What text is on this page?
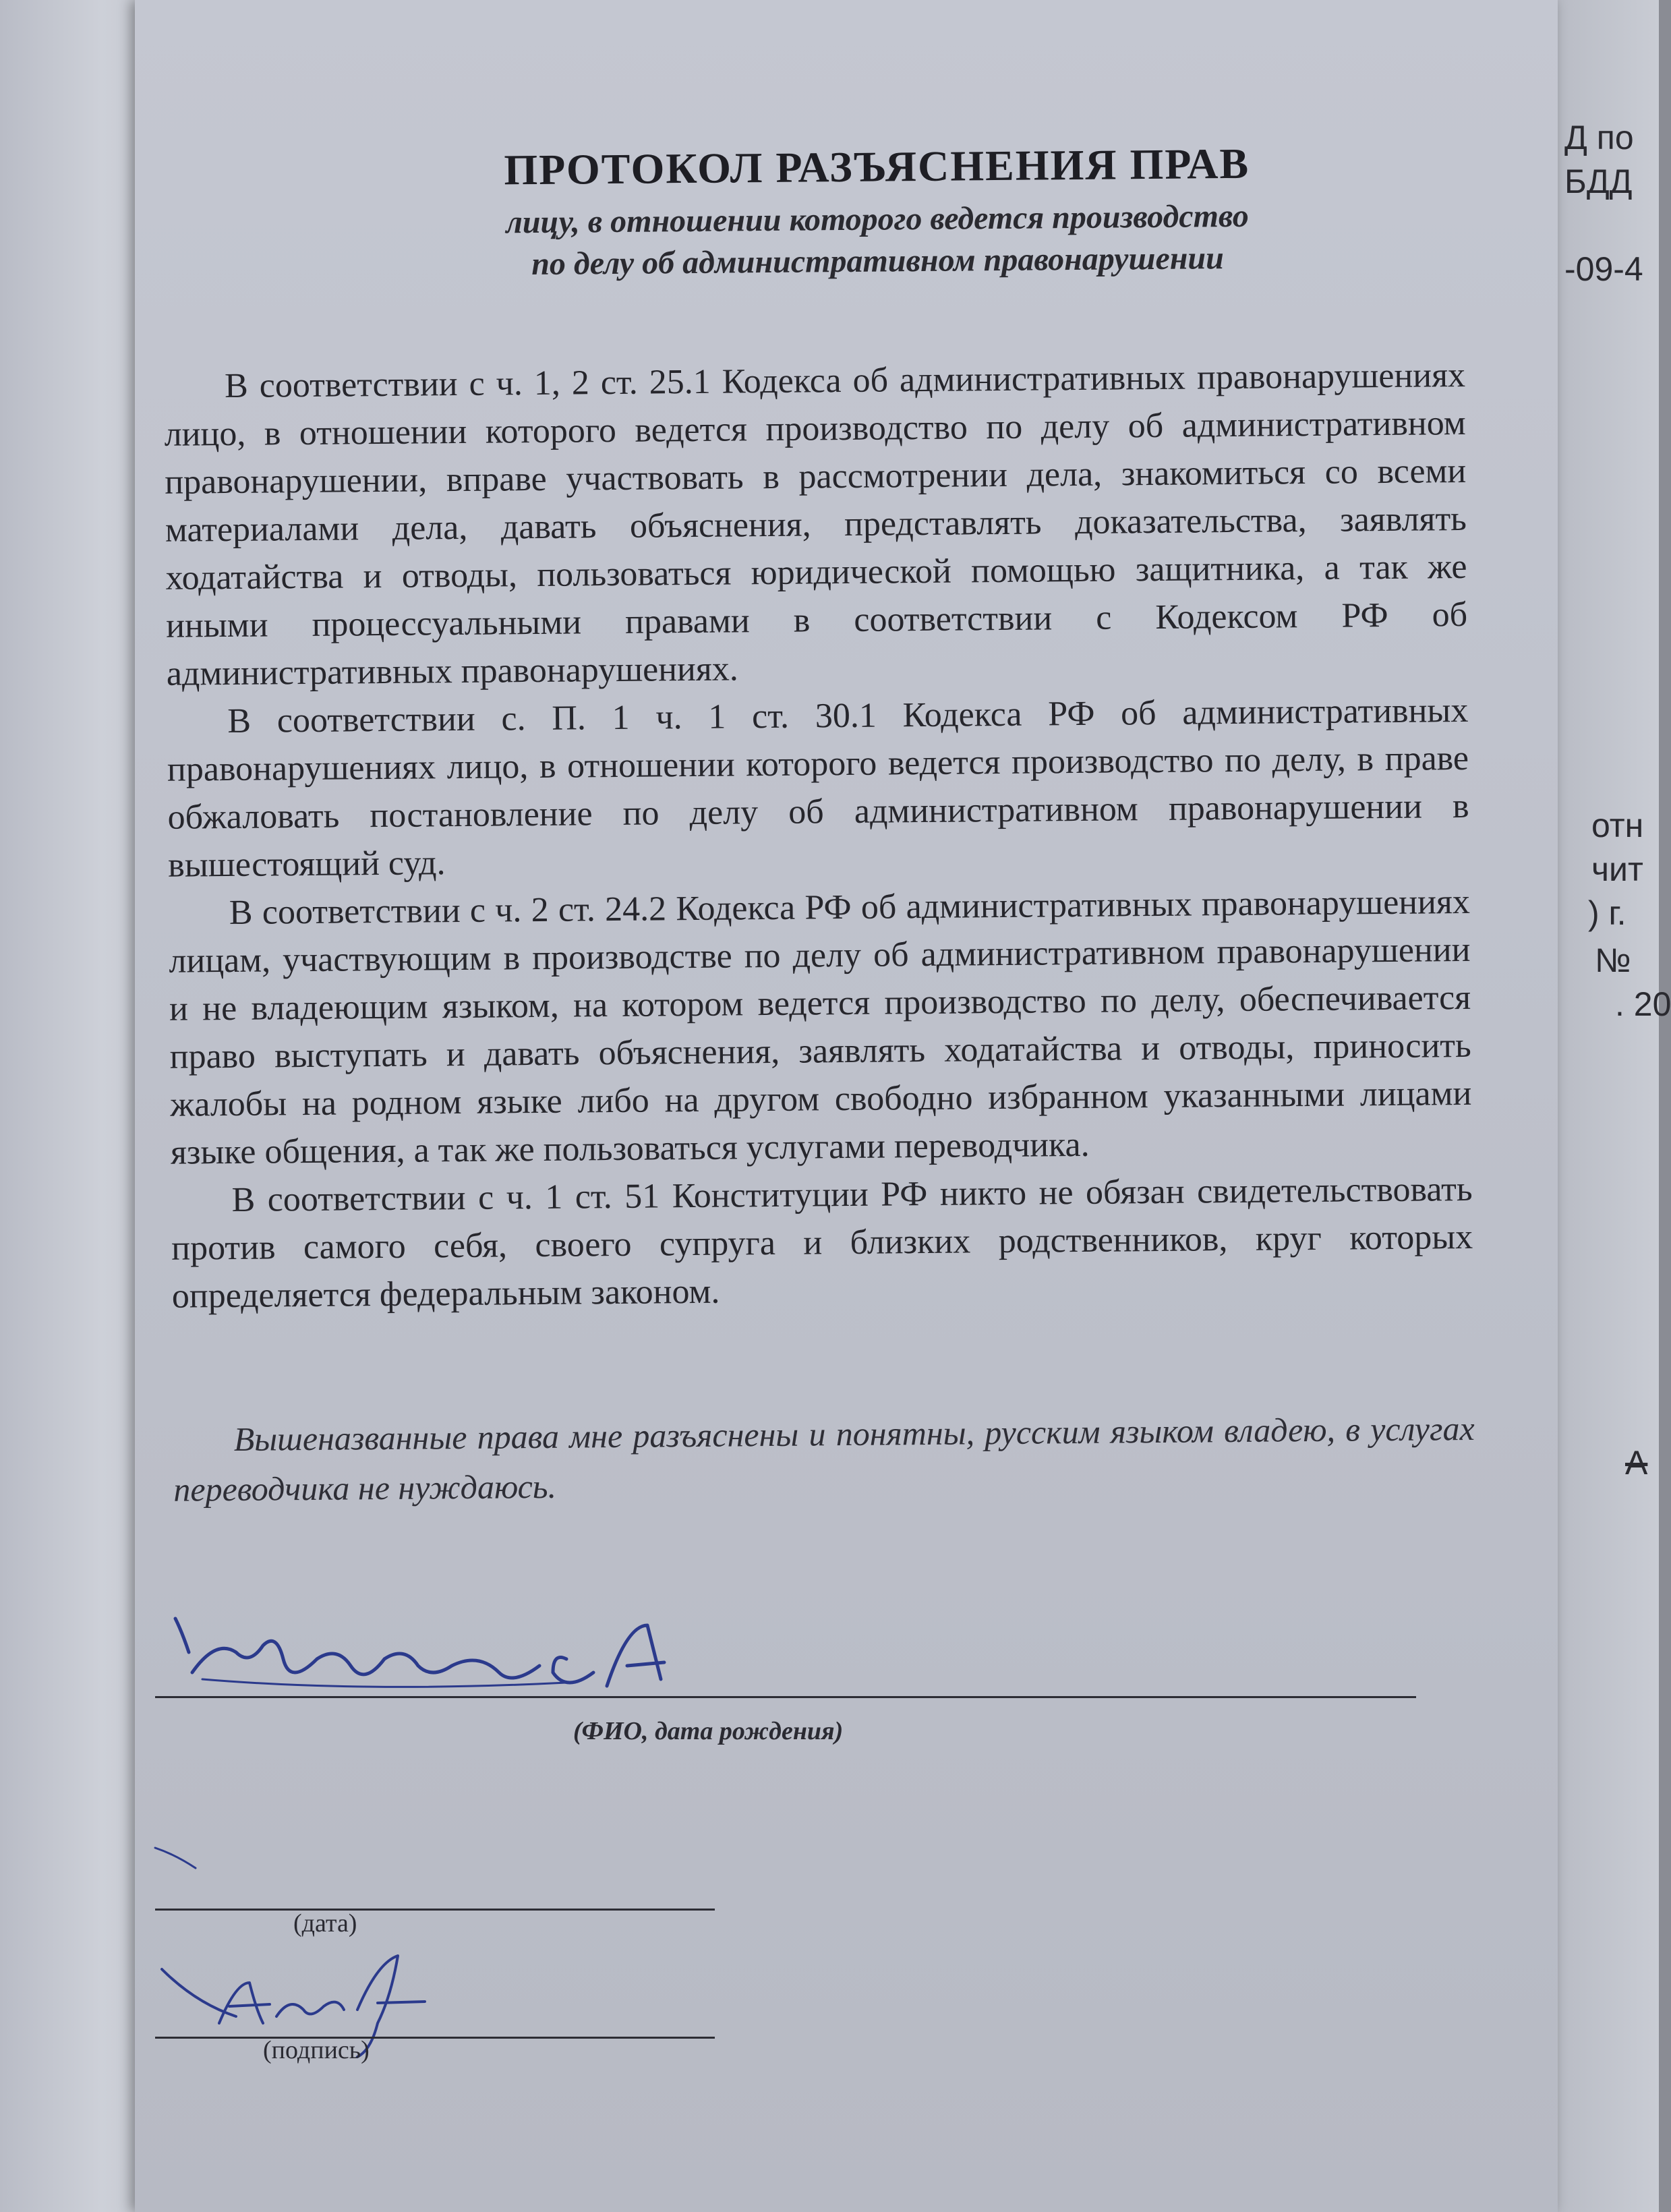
Д по
БДД
-09-4
отн
чит
) г.
№
. 20
А
ПРОТОКОЛ РАЗЪЯСНЕНИЯ ПРАВ
лицу, в отношении которого ведется производство
по делу об административном правонарушении

В соответствии с ч. 1, 2 ст. 25.1 Кодекса об административных правонарушениях лицо, в отношении которого ведется производство по делу об административном правонарушении, вправе участвовать в рассмотрении дела, знакомиться со всеми материалами дела, давать объяснения, представлять доказательства, заявлять ходатайства и отводы, пользоваться юридической помощью защитника, а так же иными процессуальными правами в соответствии с Кодексом РФ об административных правонарушениях.

В соответствии с. П. 1 ч. 1 ст. 30.1 Кодекса РФ об административных правонарушениях лицо, в отношении которого ведется производство по делу, в праве обжаловать постановление по делу об административном правонарушении в вышестоящий суд.

В соответствии с ч. 2 ст. 24.2 Кодекса РФ об административных правонарушениях лицам, участвующим в производстве по делу об административном правонарушении и не владеющим языком, на котором ведется производство по делу, обеспечивается право выступать и давать объяснения, заявлять ходатайства и отводы, приносить жалобы на родном языке либо на другом свободно избранном указанными лицами языке общения, а так же пользоваться услугами переводчика.

В соответствии с ч. 1 ст. 51 Конституции РФ никто не обязан свидетельствовать против самого себя, своего супруга и близких родственников, круг которых определяется федеральным законом.

Вышеназванные права мне разъяснены и понятны, русским языком владею, в услугах переводчика не нуждаюсь.

(ФИО, дата рождения)
(дата)
(подпись)
